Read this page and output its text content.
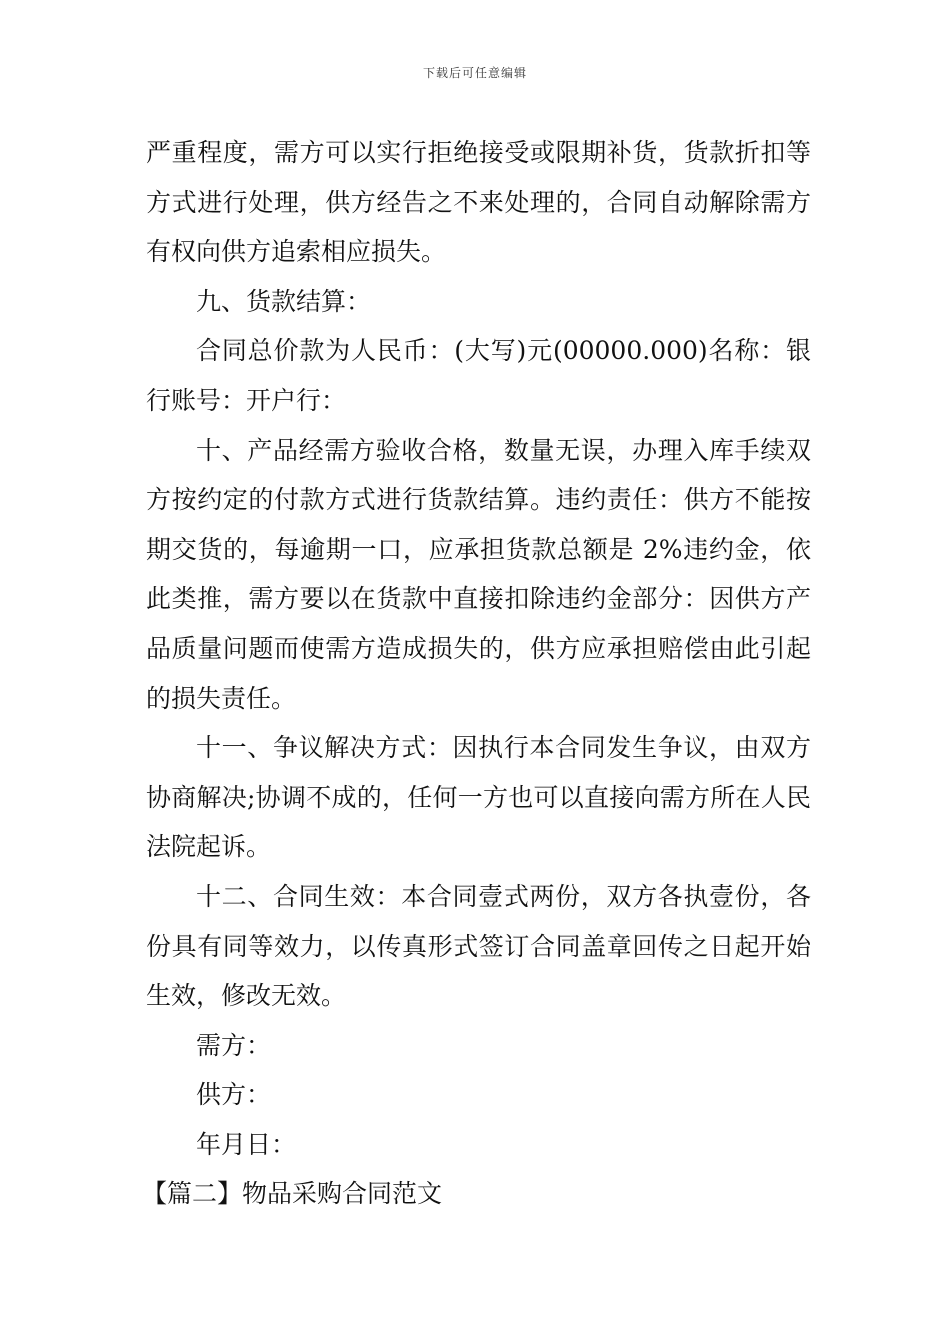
下载后可任意编辑

严重程度，需方可以实行拒绝接受或限期补货，货款折扣等方式进行处理，供方经告之不来处理的，合同自动解除需方有权向供方追索相应损失。

九、货款结算：

合同总价款为人民币：(大写)元(00000.000)名称：银行账号：开户行：

十、产品经需方验收合格，数量无误，办理入库手续双方按约定的付款方式进行货款结算。违约责任：供方不能按期交货的，每逾期一口，应承担货款总额是 2%违约金，依此类推，需方要以在货款中直接扣除违约金部分：因供方产品质量问题而使需方造成损失的，供方应承担赔偿由此引起的损失责任。

十一、争议解决方式：因执行本合同发生争议，由双方协商解决;协调不成的，任何一方也可以直接向需方所在人民法院起诉。

十二、合同生效：本合同壹式两份，双方各执壹份，各份具有同等效力，以传真形式签订合同盖章回传之日起开始生效，修改无效。

需方：

供方：

年月日：

【篇二】物品采购合同范文
